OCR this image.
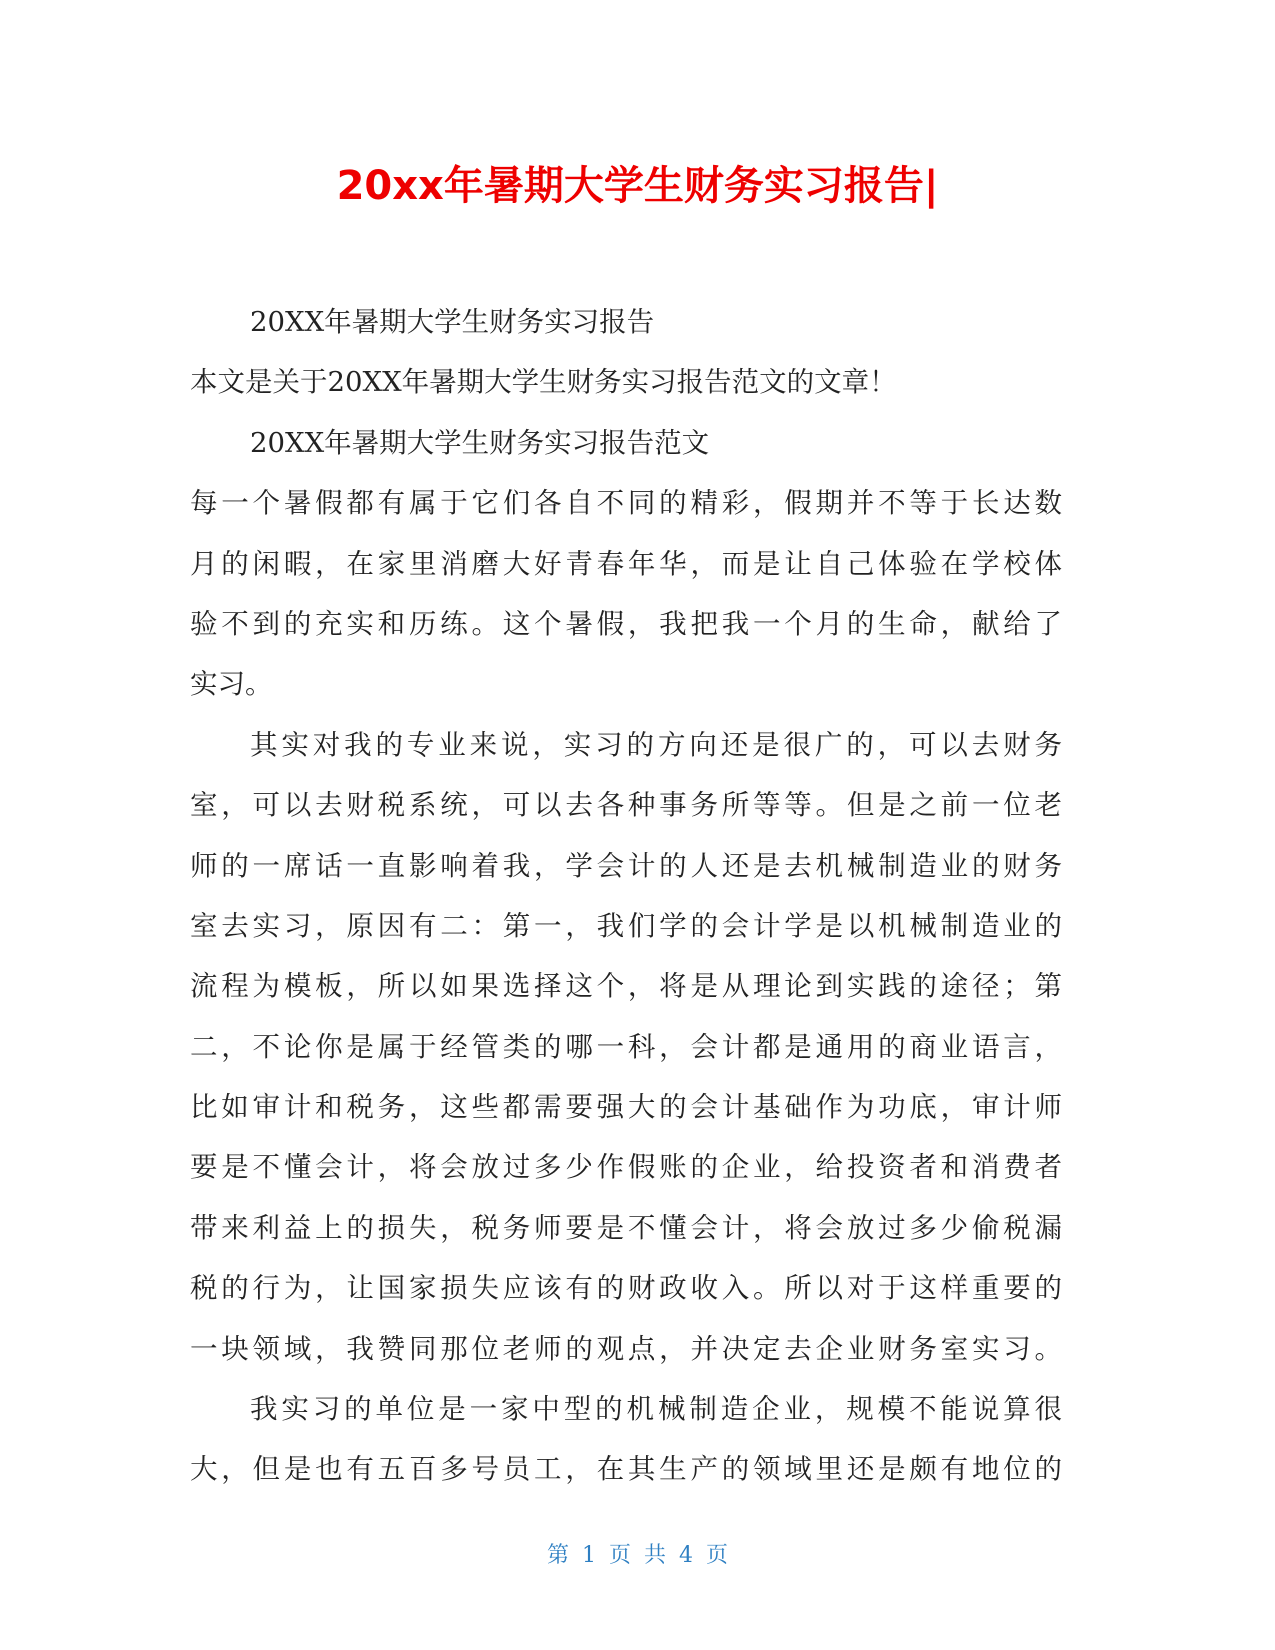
20xx年暑期大学生财务实习报告|

20XX年暑期大学生财务实习报告

本文是关于20XX年暑期大学生财务实习报告范文的文章！

20XX年暑期大学生财务实习报告范文

每一个暑假都有属于它们各自不同的精彩，假期并不等于长达数

月的闲暇，在家里消磨大好青春年华，而是让自己体验在学校体

验不到的充实和历练。这个暑假，我把我一个月的生命，献给了

实习。

其实对我的专业来说，实习的方向还是很广的，可以去财务

室，可以去财税系统，可以去各种事务所等等。但是之前一位老

师的一席话一直影响着我，学会计的人还是去机械制造业的财务

室去实习，原因有二：第一，我们学的会计学是以机械制造业的

流程为模板，所以如果选择这个，将是从理论到实践的途径；第

二，不论你是属于经管类的哪一科，会计都是通用的商业语言，

比如审计和税务，这些都需要强大的会计基础作为功底，审计师

要是不懂会计，将会放过多少作假账的企业，给投资者和消费者

带来利益上的损失，税务师要是不懂会计，将会放过多少偷税漏

税的行为，让国家损失应该有的财政收入。所以对于这样重要的

一块领域，我赞同那位老师的观点，并决定去企业财务室实习。

我实习的单位是一家中型的机械制造企业，规模不能说算很

大，但是也有五百多号员工，在其生产的领域里还是颇有地位的

第 1 页 共 4 页
